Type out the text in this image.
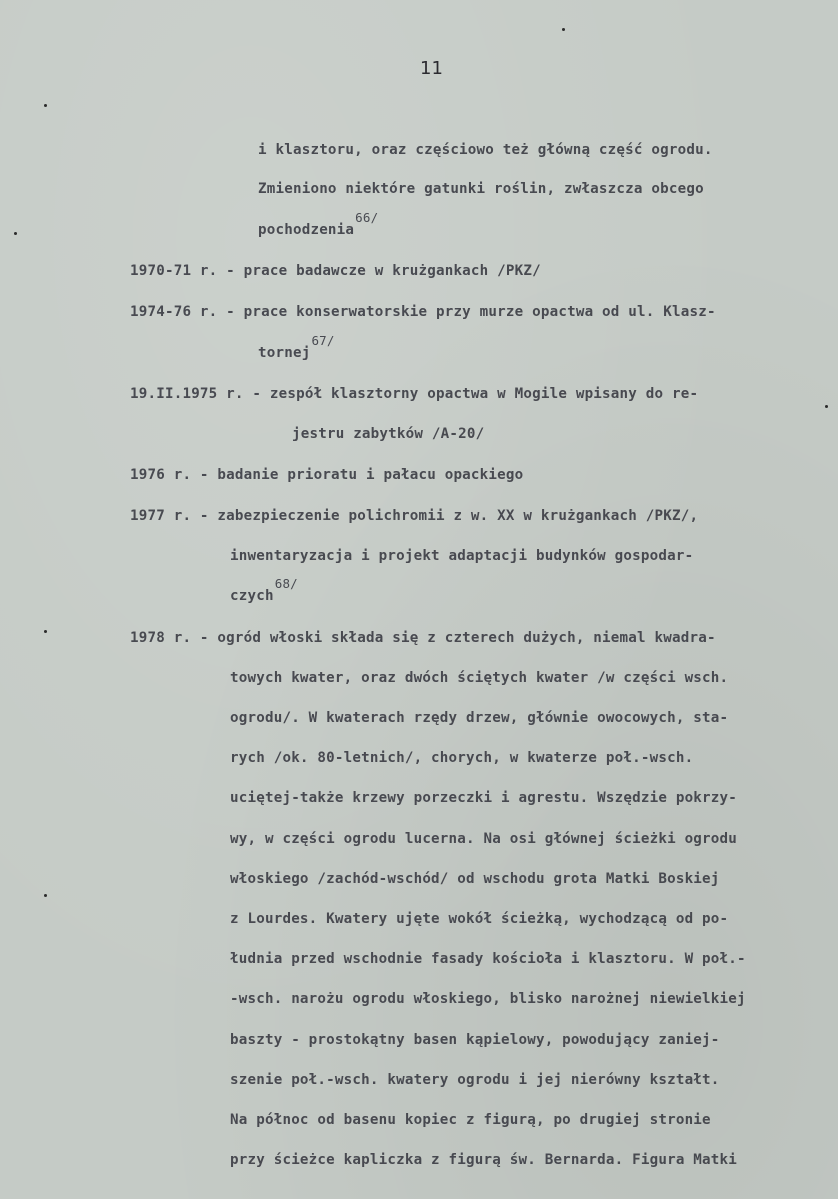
11
i klasztoru, oraz częściowo też główną część ogrodu.
Zmieniono niektóre gatunki roślin, zwłaszcza obcego
pochodzenia66/
1970-71 r. - prace badawcze w krużgankach /PKZ/
1974-76 r. - prace konserwatorskie przy murze opactwa od ul. Klasz-
tornej67/
19.II.1975 r. - zespół klasztorny opactwa w Mogile wpisany do re-
jestru zabytków /A-20/
1976 r. - badanie prioratu i pałacu opackiego
1977 r. - zabezpieczenie polichromii z w. XX w krużgankach /PKZ/,
inwentaryzacja i projekt adaptacji budynków gospodar-
czych68/
1978 r. - ogród włoski składa się z czterech dużych, niemal kwadra-
towych kwater, oraz dwóch ściętych kwater /w części wsch.
ogrodu/. W kwaterach rzędy drzew, głównie owocowych, sta-
rych /ok. 80-letnich/, chorych, w kwaterze poł.-wsch.
uciętej-także krzewy porzeczki i agrestu. Wszędzie pokrzy-
wy, w części ogrodu lucerna. Na osi głównej ścieżki ogrodu
włoskiego /zachód-wschód/ od wschodu grota Matki Boskiej
z Lourdes. Kwatery ujęte wokół ścieżką, wychodzącą od po-
łudnia przed wschodnie fasady kościoła i klasztoru. W poł.-
-wsch. narożu ogrodu włoskiego, blisko narożnej niewielkiej
baszty - prostokątny basen kąpielowy, powodujący zaniej-
szenie poł.-wsch. kwatery ogrodu i jej nierówny kształt.
Na północ od basenu kopiec z figurą, po drugiej stronie
przy ścieżce kapliczka z figurą św. Bernarda. Figura Matki
